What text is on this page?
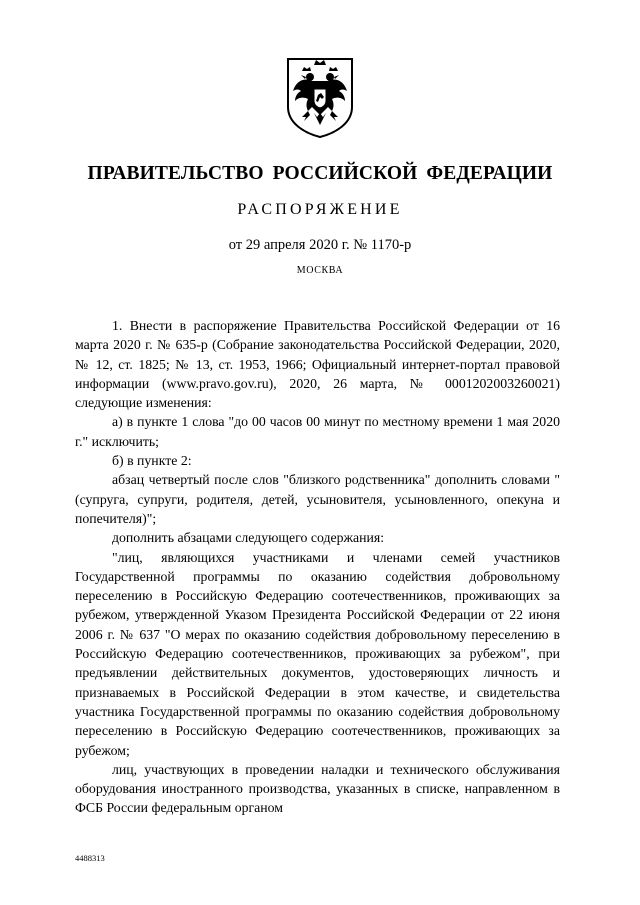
ПРАВИТЕЛЬСТВО РОССИЙСКОЙ ФЕДЕРАЦИИ
РАСПОРЯЖЕНИЕ
от 29 апреля 2020 г. № 1170-р
МОСКВА

1. Внести в распоряжение Правительства Российской Федерации от 16 марта 2020 г. № 635-р (Собрание законодательства Российской Федерации, 2020, № 12, ст. 1825; № 13, ст. 1953, 1966; Официальный интернет-портал правовой информации (www.pravo.gov.ru), 2020, 26 марта, № 0001202003260021) следующие изменения:

а) в пункте 1 слова "до 00 часов 00 минут по местному времени 1 мая 2020 г." исключить;

б) в пункте 2:

абзац четвертый после слов "близкого родственника" дополнить словами "(супруга, супруги, родителя, детей, усыновителя, усыновленного, опекуна и попечителя)";

дополнить абзацами следующего содержания:

"лиц, являющихся участниками и членами семей участников Государственной программы по оказанию содействия добровольному переселению в Российскую Федерацию соотечественников, проживающих за рубежом, утвержденной Указом Президента Российской Федерации от 22 июня 2006 г. № 637 "О мерах по оказанию содействия добровольному переселению в Российскую Федерацию соотечественников, проживающих за рубежом", при предъявлении действительных документов, удостоверяющих личность и признаваемых в Российской Федерации в этом качестве, и свидетельства участника Государственной программы по оказанию содействия добровольному переселению в Российскую Федерацию соотечественников, проживающих за рубежом;

лиц, участвующих в проведении наладки и технического обслуживания оборудования иностранного производства, указанных в списке, направленном в ФСБ России федеральным органом

4488313
